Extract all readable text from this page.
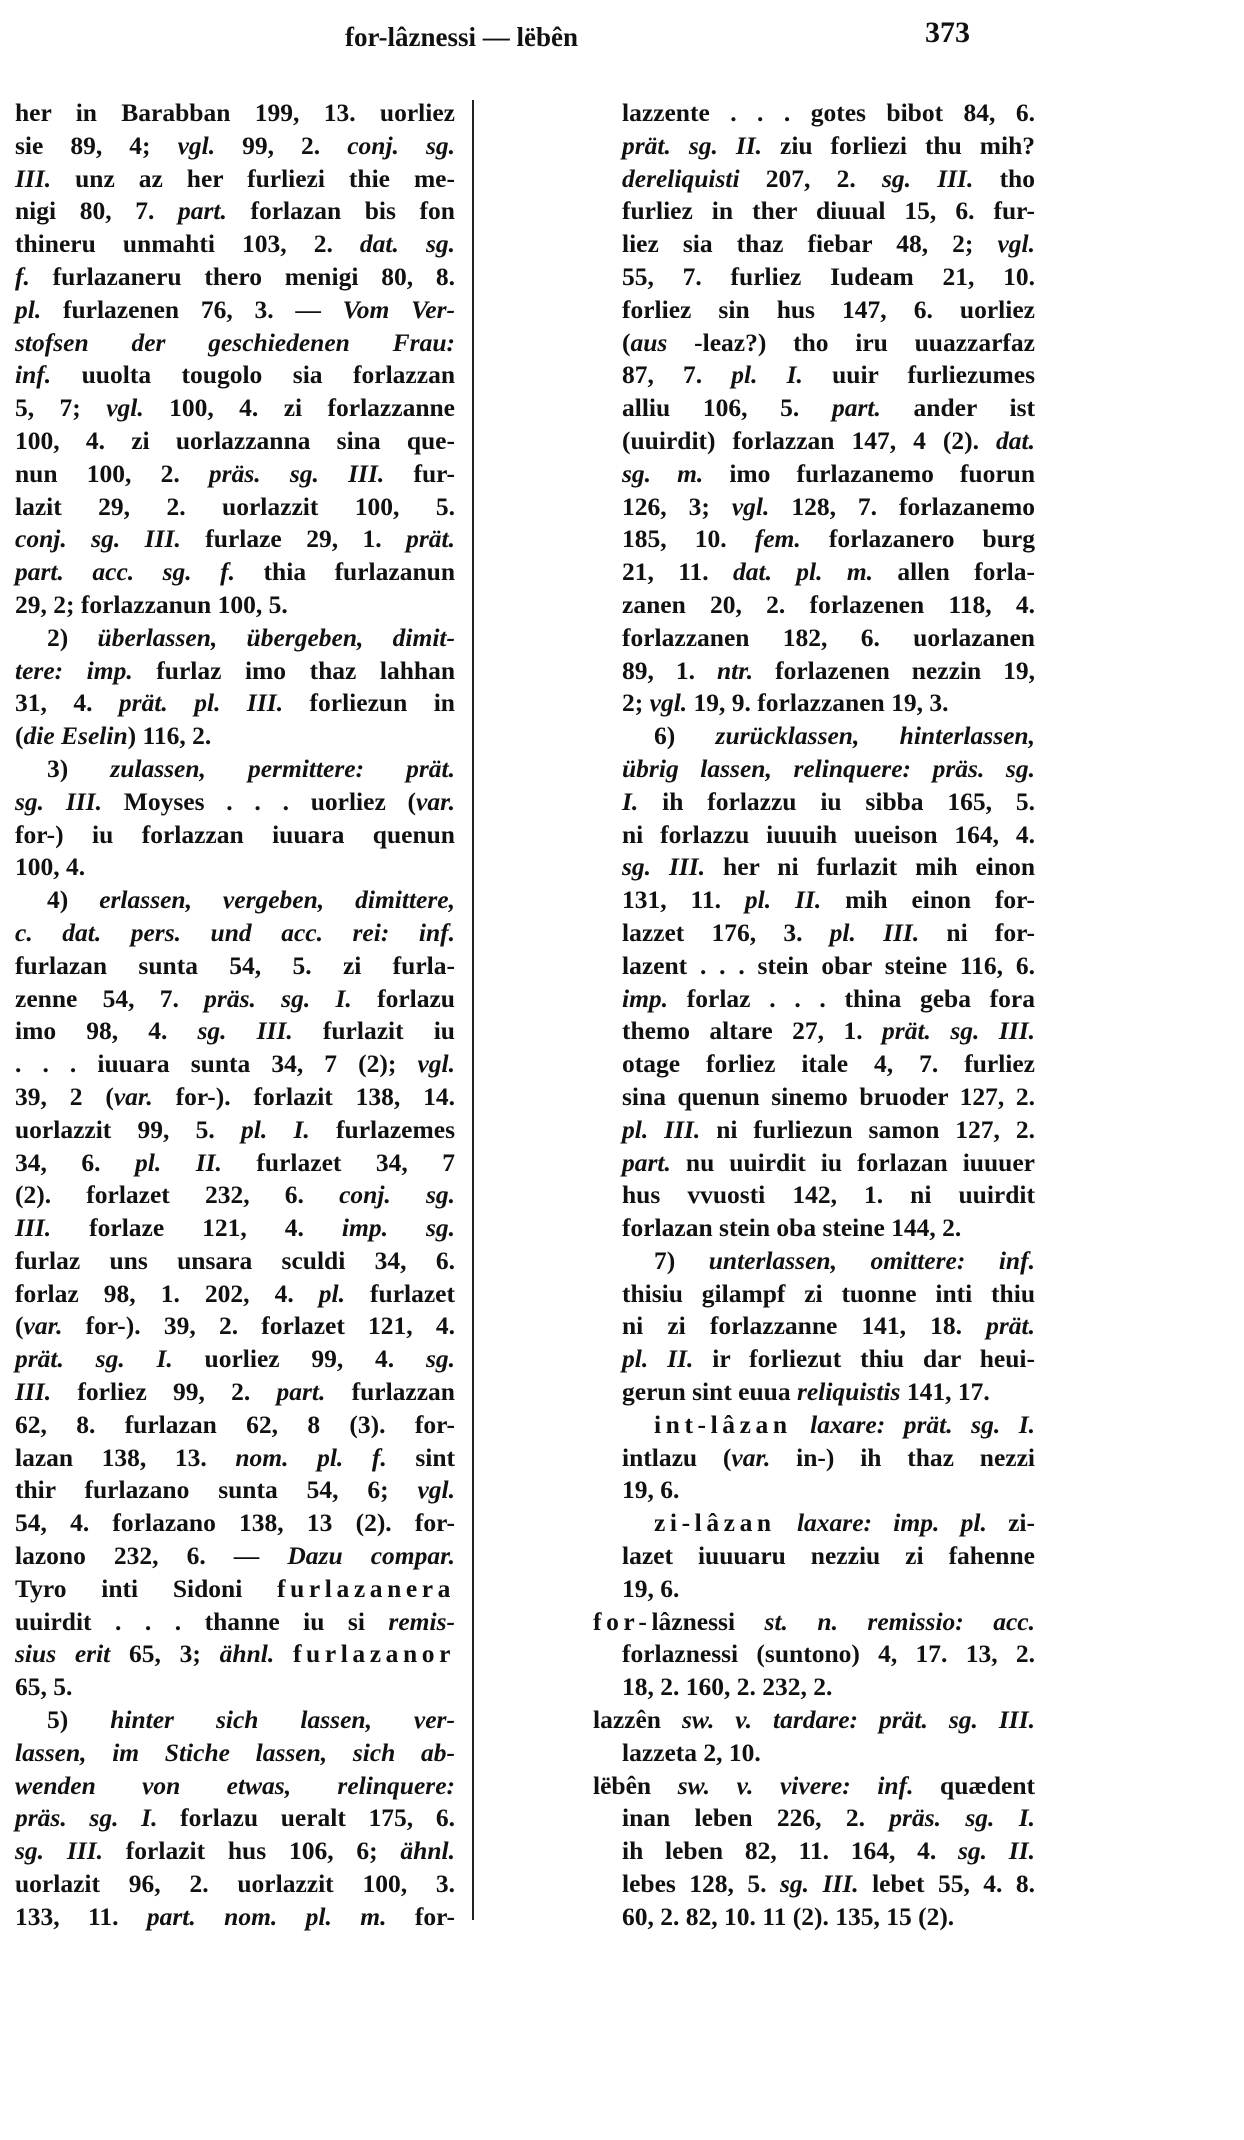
for-lâznessi — lëbên	373
her in Barabban 199, 13. uorliez
sie 89, 4; vgl. 99, 2. conj. sg.
III. unz az her furliezi thie me-
nigi 80, 7. part. forlazan bis fon
thineru unmahti 103, 2. dat. sg.
f. furlazaneru thero menigi 80, 8.
pl. furlazenen 76, 3. — Vom Ver-
stofsen der geschiedenen Frau:
inf. uuolta tougolo sia forlazzan
5, 7; vgl. 100, 4. zi forlazzanne
100, 4. zi uorlazzanna sina que-
nun 100, 2. präs. sg. III. fur-
lazit 29, 2. uorlazzit 100, 5.
conj. sg. III. furlaze 29, 1. prät.
part. acc. sg. f. thia furlazanun
29, 2; forlazzanun 100, 5.
2) überlassen, übergeben, dimit-
tere: imp. furlaz imo thaz lahhan
31, 4. prät. pl. III. forliezun in
(die Eselin) 116, 2.
3) zulassen, permittere: prät.
sg. III. Moyses . . . uorliez (var.
for-) iu forlazzan iuuara quenun
100, 4.
4) erlassen, vergeben, dimittere,
c. dat. pers. und acc. rei: inf.
furlazan sunta 54, 5. zi furla-
zenne 54, 7. präs. sg. I. forlazu
imo 98, 4. sg. III. furlazit iu
. . . iuuara sunta 34, 7 (2); vgl.
39, 2 (var. for-). forlazit 138, 14.
uorlazzit 99, 5. pl. I. furlazemes
34, 6. pl. II. furlazet 34, 7
(2). forlazet 232, 6. conj. sg.
III. forlaze 121, 4. imp. sg.
furlaz uns unsara sculdi 34, 6.
forlaz 98, 1. 202, 4. pl. furlazet
(var. for-). 39, 2. forlazet 121, 4.
prät. sg. I. uorliez 99, 4. sg.
III. forliez 99, 2. part. furlazzan
62, 8. furlazan 62, 8 (3). for-
lazan 138, 13. nom. pl. f. sint
thir furlazano sunta 54, 6; vgl.
54, 4. forlazano 138, 13 (2). for-
lazono 232, 6. — Dazu compar.
Tyro inti Sidoni furlazanera
uuirdit . . . thanne iu si remis-
sius erit 65, 3; ähnl. furlazanor
65, 5.
5) hinter sich lassen, ver-
lassen, im Stiche lassen, sich ab-
wenden von etwas, relinquere:
präs. sg. I. forlazu ueralt 175, 6.
sg. III. forlazit hus 106, 6; ähnl.
uorlazit 96, 2. uorlazzit 100, 3.
133, 11. part. nom. pl. m. for-
lazzente . . . gotes bibot 84, 6.
prät. sg. II. ziu forliezi thu mih?
dereliquisti 207, 2. sg. III. tho
furliez in ther diuual 15, 6. fur-
liez sia thaz fiebar 48, 2; vgl.
55, 7. furliez Iudeam 21, 10.
forliez sin hus 147, 6. uorliez
(aus -leaz?) tho iru uuazzarfaz
87, 7. pl. I. uuir furliezumes
alliu 106, 5. part. ander ist
(uuirdit) forlazzan 147, 4 (2). dat.
sg. m. imo furlazanemo fuorun
126, 3; vgl. 128, 7. forlazanemo
185, 10. fem. forlazanero burg
21, 11. dat. pl. m. allen forla-
zanen 20, 2. forlazenen 118, 4.
forlazzanen 182, 6. uorlazanen
89, 1. ntr. forlazenen nezzin 19,
2; vgl. 19, 9. forlazzanen 19, 3.
6) zurücklassen, hinterlassen,
übrig lassen, relinquere: präs. sg.
I. ih forlazzu iu sibba 165, 5.
ni forlazzu iuuuih uueison 164, 4.
sg. III. her ni furlazit mih einon
131, 11. pl. II. mih einon for-
lazzet 176, 3. pl. III. ni for-
lazent . . . stein obar steine 116, 6.
imp. forlaz . . . thina geba fora
themo altare 27, 1. prät. sg. III.
otage forliez itale 4, 7. furliez
sina quenun sinemo bruoder 127, 2.
pl. III. ni furliezun samon 127, 2.
part. nu uuirdit iu forlazan iuuuer
hus vvuosti 142, 1. ni uuirdit
forlazan stein oba steine 144, 2.
7) unterlassen, omittere: inf.
thisiu gilampf zi tuonne inti thiu
ni zi forlazzanne 141, 18. prät.
pl. II. ir forliezut thiu dar heui-
gerun sint euua reliquistis 141, 17.
int-lâzan laxare: prät. sg. I.
intlazu (var. in-) ih thaz nezzi
19, 6.
zi-lâzan laxare: imp. pl. zi-
lazet iuuuaru nezziu zi fahenne
19, 6.
for-lâznessi st. n. remissio: acc.
forlaznessi (suntono) 4, 17. 13, 2.
18, 2. 160, 2. 232, 2.
lazzên sw. v. tardare: prät. sg. III.
lazzeta 2, 10.
lëbên sw. v. vivere: inf. quædent
inan leben 226, 2. präs. sg. I.
ih leben 82, 11. 164, 4. sg. II.
lebes 128, 5. sg. III. lebet 55, 4. 8.
60, 2. 82, 10. 11 (2). 135, 15 (2).
